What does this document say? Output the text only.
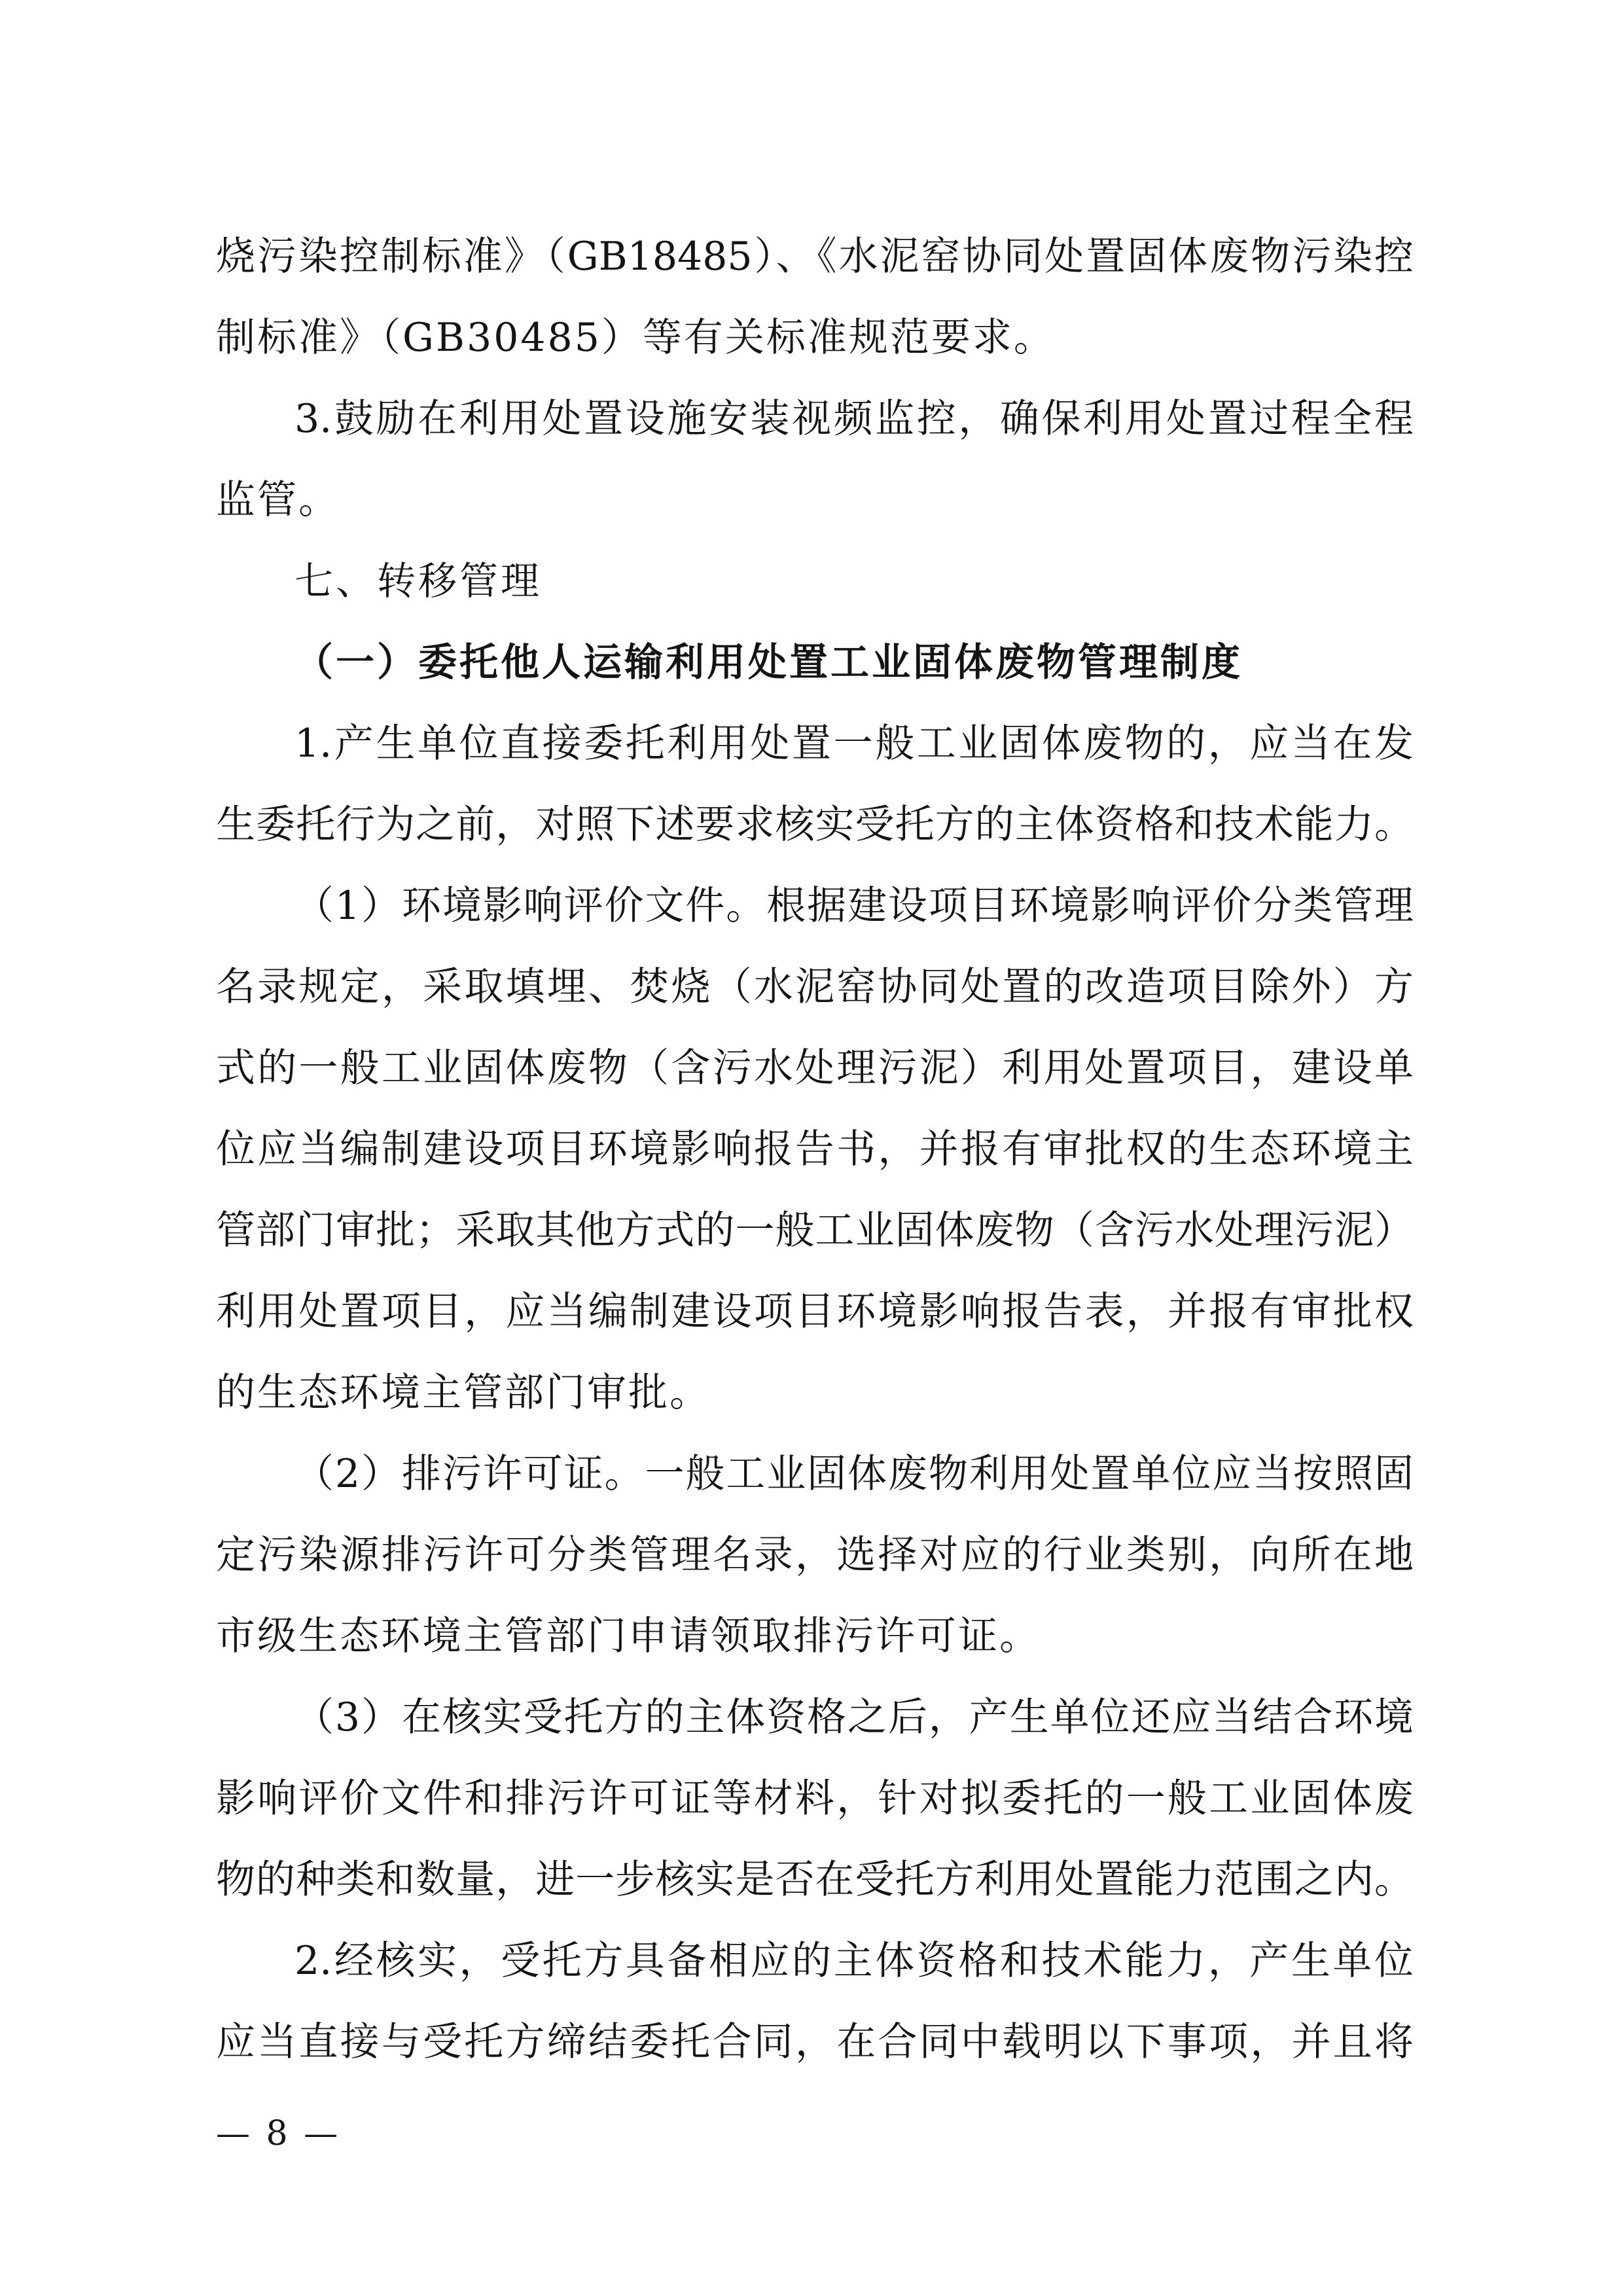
烧污染控制标准》（GB18485）、《水泥窑协同处置固体废物污染控
制标准》（GB30485）等有关标准规范要求。
3.鼓励在利用处置设施安装视频监控，确保利用处置过程全程
监管。
七、转移管理
（一）委托他人运输利用处置工业固体废物管理制度
1.产生单位直接委托利用处置一般工业固体废物的，应当在发
生委托行为之前，对照下述要求核实受托方的主体资格和技术能力。
（1）环境影响评价文件。根据建设项目环境影响评价分类管理
名录规定，采取填埋、焚烧（水泥窑协同处置的改造项目除外）方
式的一般工业固体废物（含污水处理污泥）利用处置项目，建设单
位应当编制建设项目环境影响报告书，并报有审批权的生态环境主
管部门审批；采取其他方式的一般工业固体废物（含污水处理污泥）
利用处置项目，应当编制建设项目环境影响报告表，并报有审批权
的生态环境主管部门审批。
（2）排污许可证。一般工业固体废物利用处置单位应当按照固
定污染源排污许可分类管理名录，选择对应的行业类别，向所在地
市级生态环境主管部门申请领取排污许可证。
（3）在核实受托方的主体资格之后，产生单位还应当结合环境
影响评价文件和排污许可证等材料，针对拟委托的一般工业固体废
物的种类和数量，进一步核实是否在受托方利用处置能力范围之内。
2.经核实，受托方具备相应的主体资格和技术能力，产生单位
应当直接与受托方缔结委托合同，在合同中载明以下事项，并且将
— 8 —
